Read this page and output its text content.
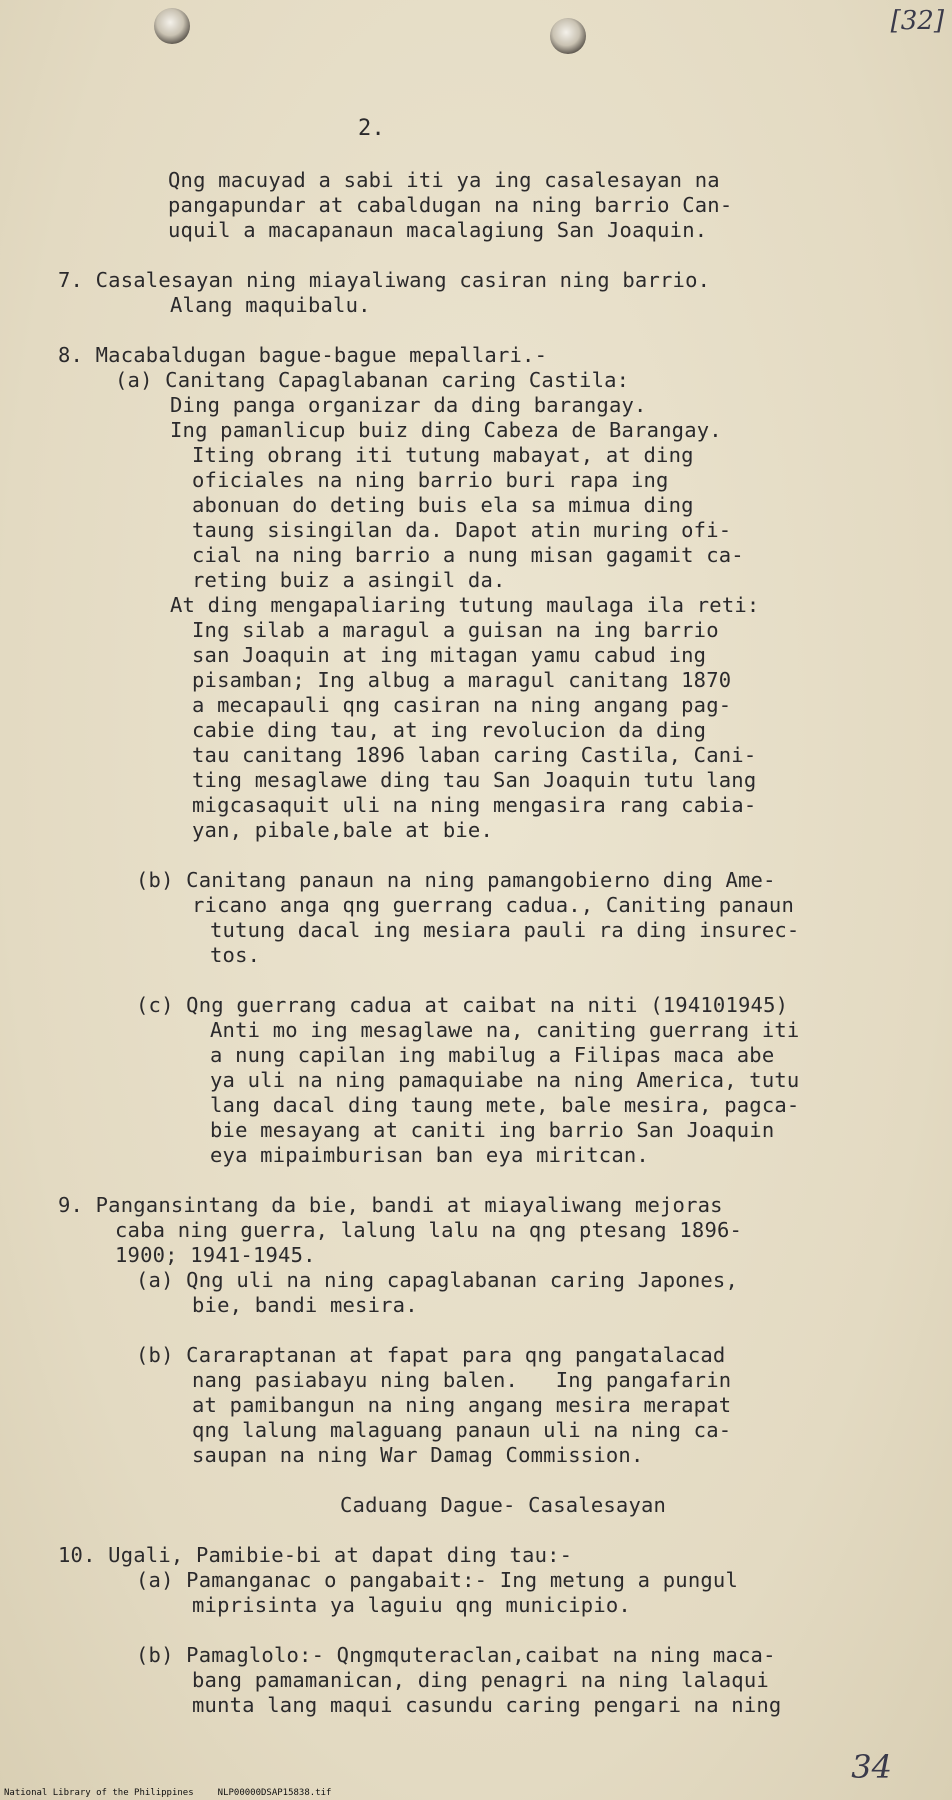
[32]
2.
Qng macuyad a sabi iti ya ing casalesayan na
pangapundar at cabaldugan na ning barrio Can-
uquil a macapanaun macalagiung San Joaquin.
7. Casalesayan ning miayaliwang casiran ning barrio.
Alang maquibalu.
8. Macabaldugan bague-bague mepallari.-
(a) Canitang Capaglabanan caring Castila:
Ding panga organizar da ding barangay.
Ing pamanlicup buiz ding Cabeza de Barangay.
Iting obrang iti tutung mabayat, at ding
oficiales na ning barrio buri rapa ing
abonuan do deting buis ela sa mimua ding
taung sisingilan da. Dapot atin muring ofi-
cial na ning barrio a nung misan gagamit ca-
reting buiz a asingil da.
At ding mengapaliaring tutung maulaga ila reti:
Ing silab a maragul a guisan na ing barrio
san Joaquin at ing mitagan yamu cabud ing
pisamban; Ing albug a maragul canitang 1870
a mecapauli qng casiran na ning angang pag-
cabie ding tau, at ing revolucion da ding
tau canitang 1896 laban caring Castila, Cani-
ting mesaglawe ding tau San Joaquin tutu lang
migcasaquit uli na ning mengasira rang cabia-
yan, pibale,bale at bie.
(b) Canitang panaun na ning pamangobierno ding Ame-
ricano anga qng guerrang cadua., Caniting panaun
tutung dacal ing mesiara pauli ra ding insurec-
tos.
(c) Qng guerrang cadua at caibat na niti (194101945)
Anti mo ing mesaglawe na, caniting guerrang iti
a nung capilan ing mabilug a Filipas maca abe
ya uli na ning pamaquiabe na ning America, tutu
lang dacal ding taung mete, bale mesira, pagca-
bie mesayang at caniti ing barrio San Joaquin
eya mipaimburisan ban eya miritcan.
9. Pangansintang da bie, bandi at miayaliwang mejoras
caba ning guerra, lalung lalu na qng ptesang 1896-
1900; 1941-1945.
(a) Qng uli na ning capaglabanan caring Japones,
bie, bandi mesira.
(b) Cararaptanan at fapat para qng pangatalacad
nang pasiabayu ning balen.   Ing pangafarin
at pamibangun na ning angang mesira merapat
qng lalung malaguang panaun uli na ning ca-
saupan na ning War Damag Commission.
Caduang Dague- Casalesayan
10. Ugali, Pamibie-bi at dapat ding tau:-
(a) Pamanganac o pangabait:- Ing metung a pungul
miprisinta ya laguiu qng municipio.
(b) Pamaglolo:- Qngmquteraclan,caibat na ning maca-
bang pamamanican, ding penagri na ning lalaqui
munta lang maqui casundu caring pengari na ning
34
National Library of the Philippines	NLP00000DSAP15838.tif
